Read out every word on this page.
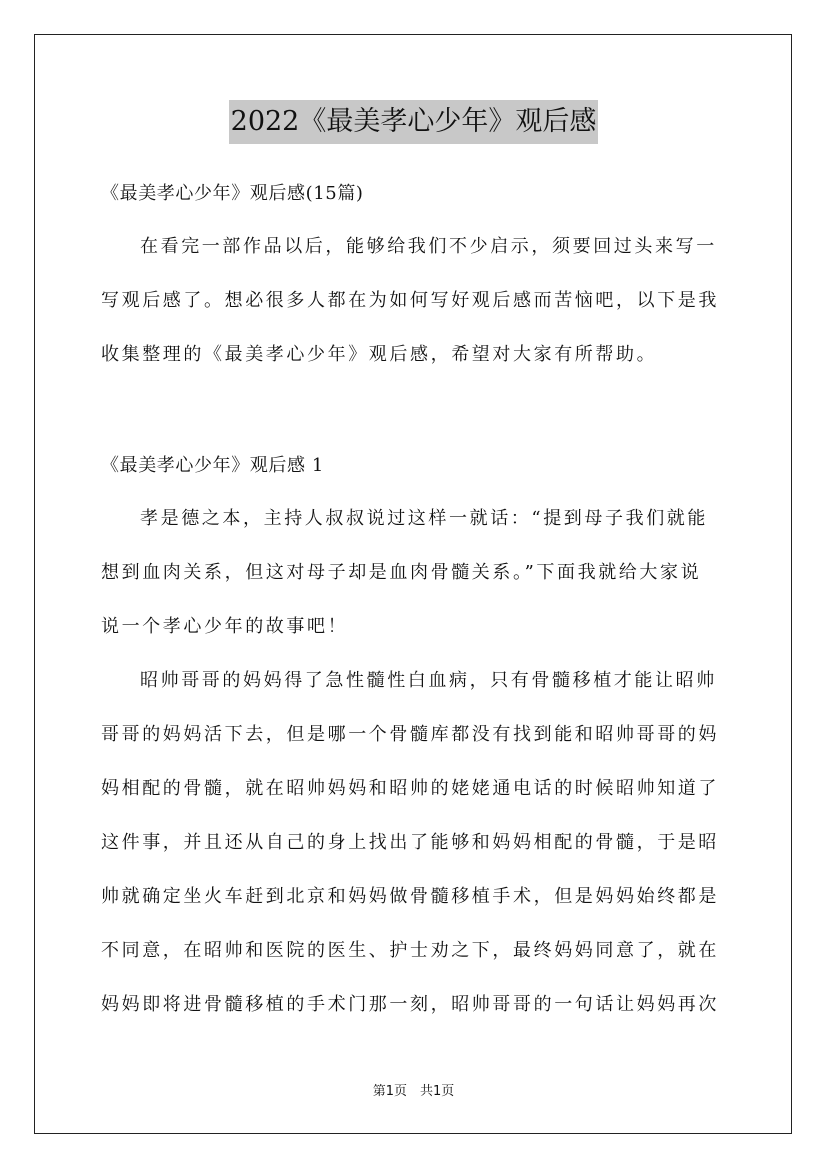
2022《最美孝心少年》观后感
《最美孝心少年》观后感(15篇)
在看完一部作品以后，能够给我们不少启示，须要回过头来写一
写观后感了。想必很多人都在为如何写好观后感而苦恼吧，以下是我
收集整理的《最美孝心少年》观后感，希望对大家有所帮助。
《最美孝心少年》观后感 1
孝是德之本，主持人叔叔说过这样一就话：“提到母子我们就能
想到血肉关系，但这对母子却是血肉骨髓关系。”下面我就给大家说
说一个孝心少年的故事吧！
昭帅哥哥的妈妈得了急性髓性白血病，只有骨髓移植才能让昭帅
哥哥的妈妈活下去，但是哪一个骨髓库都没有找到能和昭帅哥哥的妈
妈相配的骨髓，就在昭帅妈妈和昭帅的姥姥通电话的时候昭帅知道了
这件事，并且还从自己的身上找出了能够和妈妈相配的骨髓，于是昭
帅就确定坐火车赶到北京和妈妈做骨髓移植手术，但是妈妈始终都是
不同意，在昭帅和医院的医生、护士劝之下，最终妈妈同意了，就在
妈妈即将进骨髓移植的手术门那一刻，昭帅哥哥的一句话让妈妈再次
第1页　共1页
